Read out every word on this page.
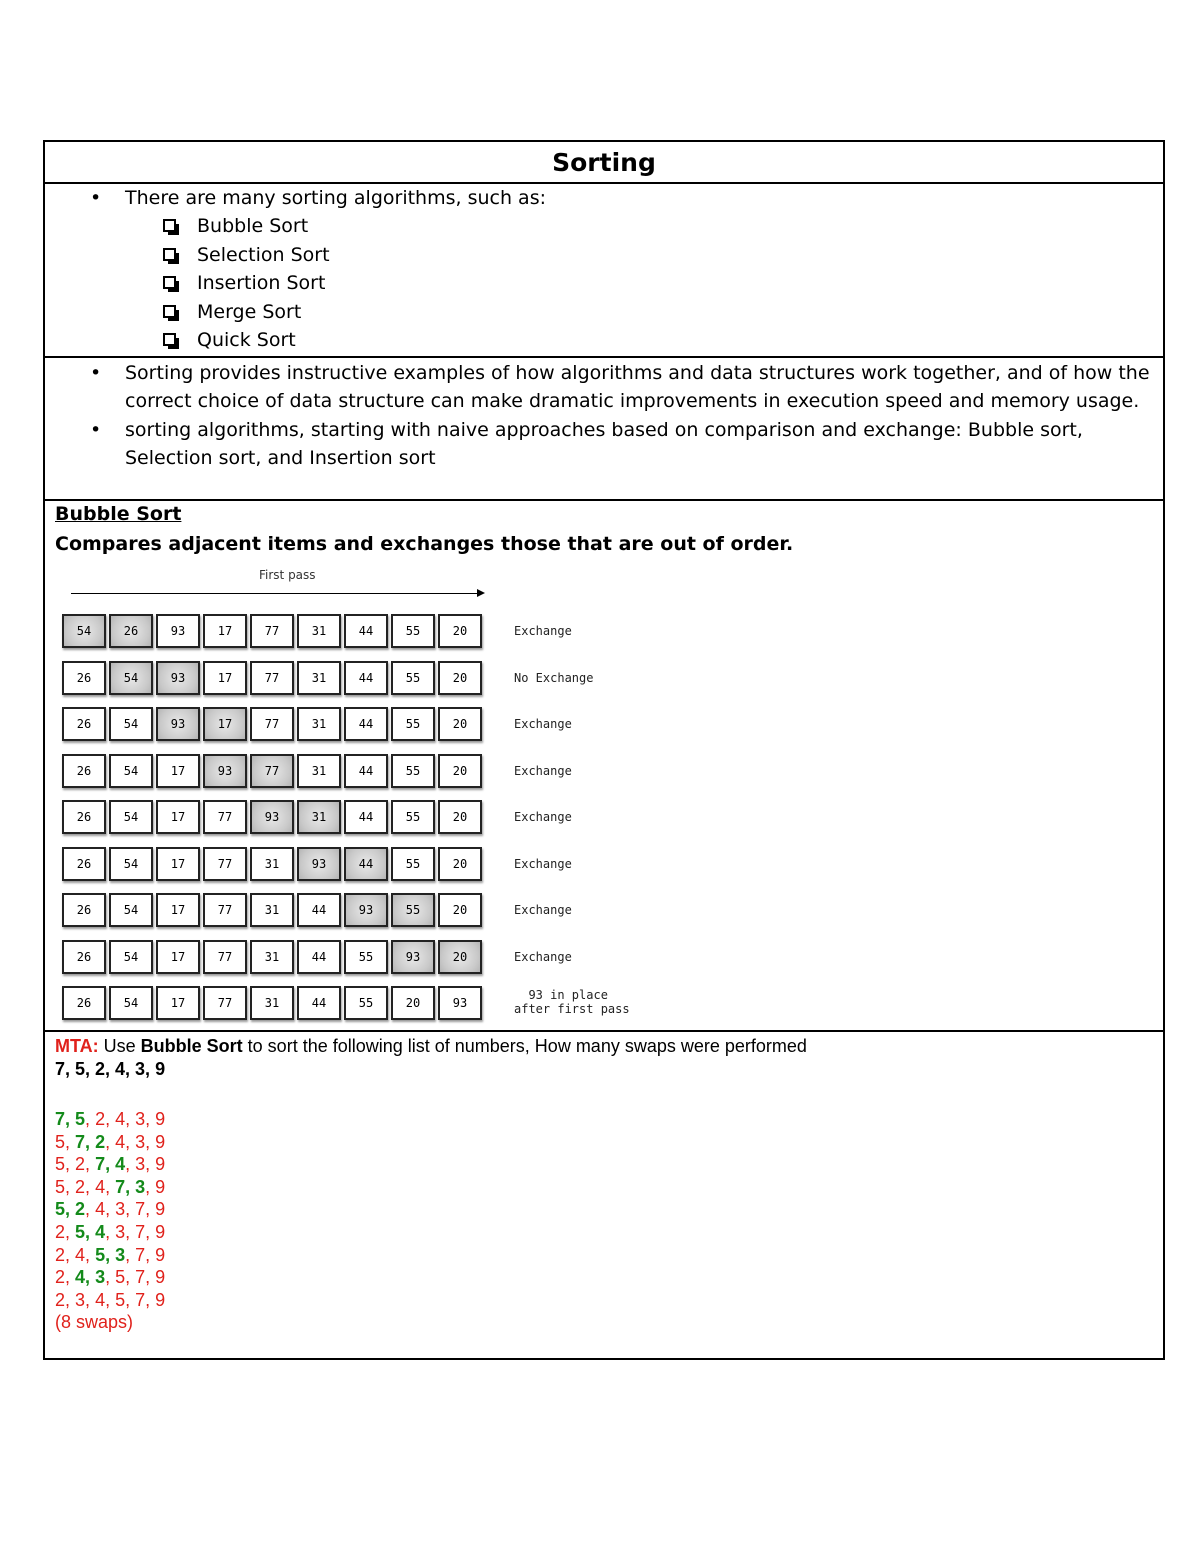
Sorting
• There are many sorting algorithms, such as:
Bubble Sort
Selection Sort
Insertion Sort
Merge Sort
Quick Sort
• Sorting provides instructive examples of how algorithms and data structures work together, and of how the
correct choice of data structure can make dramatic improvements in execution speed and memory usage.
• sorting algorithms, starting with naive approaches based on comparison and exchange: Bubble sort,
Selection sort, and Insertion sort
Bubble Sort
Compares adjacent items and exchanges those that are out of order.
First pass
54	26	93	17	77	31	44	55	20	Exchange
26	54	93	17	77	31	44	55	20	No Exchange
26	54	93	17	77	31	44	55	20	Exchange
26	54	17	93	77	31	44	55	20	Exchange
26	54	17	77	93	31	44	55	20	Exchange
26	54	17	77	31	93	44	55	20	Exchange
26	54	17	77	31	44	93	55	20	Exchange
26	54	17	77	31	44	55	93	20	Exchange
26	54	17	77	31	44	55	20	93
93 in place
after first pass
MTA: Use Bubble Sort to sort the following list of numbers, How many swaps were performed
7, 5, 2, 4, 3, 9
7, 5, 2, 4, 3, 9
5, 7, 2, 4, 3, 9
5, 2, 7, 4, 3, 9
5, 2, 4, 7, 3, 9
5, 2, 4, 3, 7, 9
2, 5, 4, 3, 7, 9
2, 4, 5, 3, 7, 9
2, 4, 3, 5, 7, 9
2, 3, 4, 5, 7, 9
(8 swaps)
